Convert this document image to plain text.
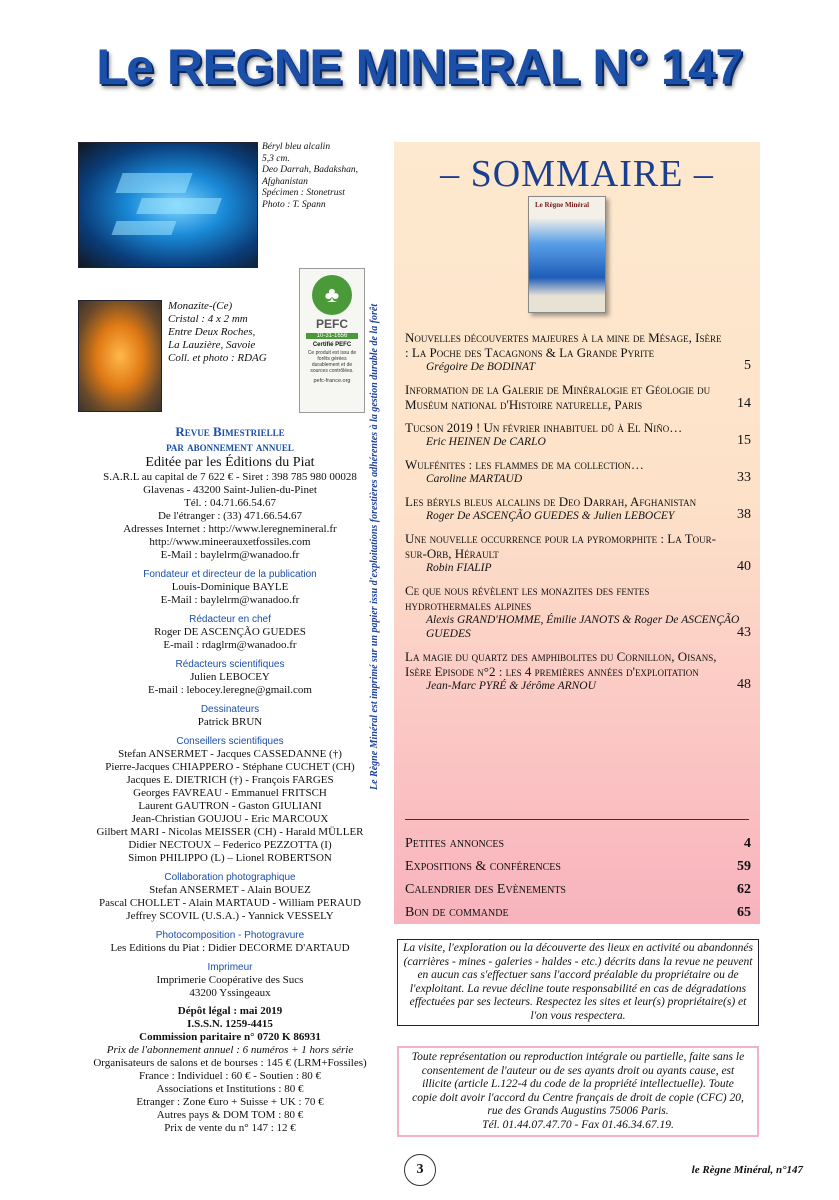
Le REGNE MINERAL N° 147
Béryl bleu alcalin
5,3 cm.
Deo Darrah, Badakshan,
Afghanistan
Spécimen : Stonetrust
Photo : T. Spann
Monazite-(Ce)
Cristal : 4 x 2 mm
Entre Deux Roches,
La Lauzière, Savoie
Coll. et photo : RDAG
♣
PEFC
10-31-1656
Certifié PEFC
Ce produit est issu de forêts gérées durablement et de sources contrôlées.
pefc-france.org	Le Règne Minéral est imprimé sur un papier issu d'exploitations forestières adhérentes à la gestion durable de la forêt
Revue Bimestrielle
par abonnement annuel
Editée par les Éditions du Piat
S.A.R.L au capital de 7 622 € - Siret : 398 785 980 00028
Glavenas - 43200 Saint-Julien-du-Pinet
Tél. : 04.71.66.54.67
De l'étranger : (33) 471.66.54.67
Adresses Internet : http://www.leregnemineral.fr
http://www.mineerauxetfossiles.com
E-Mail : baylelrm@wanadoo.fr
Fondateur et directeur de la publication
Louis-Dominique BAYLE
E-Mail : baylelrm@wanadoo.fr
Rédacteur en chef
Roger DE ASCENÇÃO GUEDES
E-mail : rdaglrm@wanadoo.fr
Rédacteurs scientifiques
Julien LEBOCEY
E-mail : lebocey.leregne@gmail.com
Dessinateurs
Patrick BRUN
Conseillers scientifiques
Stefan ANSERMET - Jacques CASSEDANNE (†)
Pierre-Jacques CHIAPPERO - Stéphane CUCHET (CH)
Jacques E. DIETRICH (†) - François FARGES
Georges FAVREAU - Emmanuel FRITSCH
Laurent GAUTRON - Gaston GIULIANI
Jean-Christian GOUJOU - Eric MARCOUX
Gilbert MARI - Nicolas MEISSER (CH) - Harald MÜLLER
Didier NECTOUX – Federico PEZZOTTA (I)
Simon PHILIPPO (L) – Lionel ROBERTSON
Collaboration photographique
Stefan ANSERMET - Alain BOUEZ
Pascal CHOLLET - Alain MARTAUD - William PERAUD
Jeffrey SCOVIL (U.S.A.) - Yannick VESSELY
Photocomposition - Photogravure
Les Editions du Piat : Didier DECORME D'ARTAUD
Imprimeur
Imprimerie Coopérative des Sucs
43200 Yssingeaux
Dépôt légal : mai 2019
I.S.S.N. 1259-4415
Commission paritaire n° 0720 K 86931
Prix de l'abonnement annuel : 6 numéros + 1 hors série
Organisateurs de salons et de bourses : 145 € (LRM+Fossiles)
France : Individuel : 60 € - Soutien : 80 €
Associations et Institutions : 80 €
Etranger : Zone €uro + Suisse + UK : 70 €
Autres pays & DOM TOM : 80 €
Prix de vente du n° 147 : 12 €
– SOMMAIRE –
Le Règne Minéral
Nouvelles découvertes majeures à la mine de Mésage, Isère : La Poche des Tacagnons & La Grande Pyrite
Grégoire De BODINAT	5
Information de la Galerie de Minéralogie et Géologie du Muséum national d'Histoire naturelle, Paris	14
Tucson 2019 ! Un février inhabituel dû à El Niño…
Eric HEINEN De CARLO	15
Wulfénites : les flammes de ma collection…
Caroline MARTAUD	33
Les béryls bleus alcalins de Deo Darrah, Afghanistan
Roger De ASCENÇÃO GUEDES & Julien LEBOCEY	38
Une nouvelle occurrence pour la pyromorphite : La Tour-sur-Orb, Hérault
Robin FIALIP	40
Ce que nous révèlent les monazites des fentes hydrothermales alpines
Alexis GRAND'HOMME, Émilie JANOTS & Roger De ASCENÇÃO GUEDES	43
La magie du quartz des amphibolites du Cornillon, Oisans, Isère Episode n°2 : les 4 premières années d'exploitation
Jean-Marc PYRÉ & Jérôme ARNOU	48
Petites annonces	4
Expositions & conférences	59
Calendrier des Evènements	62
Bon de commande	65
La visite, l'exploration ou la découverte des lieux en activité ou abandonnés (carrières - mines - galeries - haldes - etc.) décrits dans la revue ne peuvent en aucun cas s'effectuer sans l'accord préalable du propriétaire ou de l'exploitant. La revue décline toute responsabilité en cas de dégradations effectuées par ses lecteurs. Respectez les sites et leur(s) propriétaire(s) et l'on vous respectera.
Toute représentation ou reproduction intégrale ou partielle, faite sans le consentement de l'auteur ou de ses ayants droit ou ayants cause, est illicite (article L.122-4 du code de la propriété intellectuelle). Toute copie doit avoir l'accord du Centre français de droit de copie (CFC) 20, rue des Grands Augustins 75006 Paris.
Tél. 01.44.07.47.70 - Fax 01.46.34.67.19.
3	le Règne Minéral, n°147
